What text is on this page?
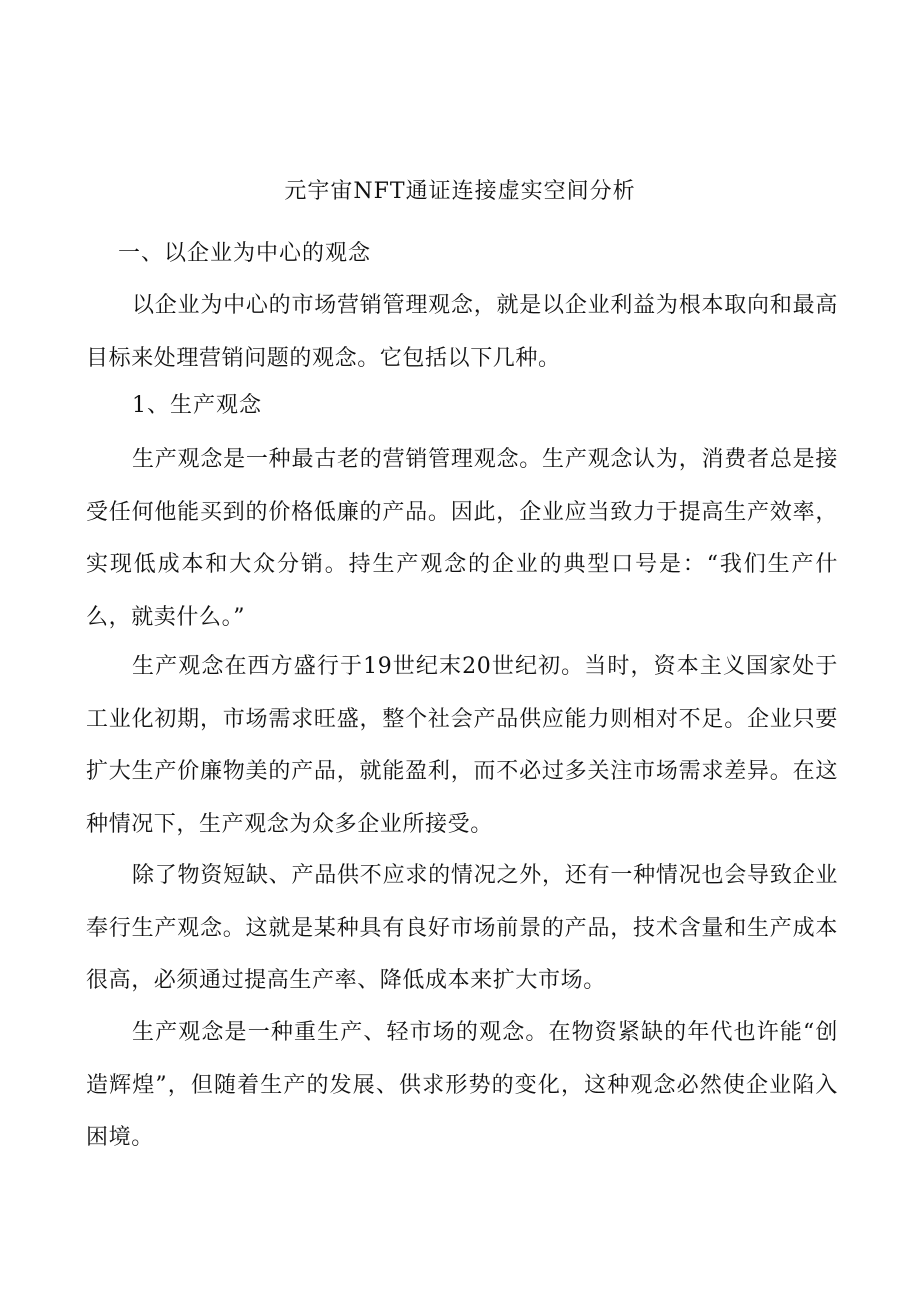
元宇宙NFT通证连接虚实空间分析
一、以企业为中心的观念

以企业为中心的市场营销管理观念，就是以企业利益为根本取向和最高目标来处理营销问题的观念。它包括以下几种。

1、生产观念

生产观念是一种最古老的营销管理观念。生产观念认为，消费者总是接受任何他能买到的价格低廉的产品。因此，企业应当致力于提高生产效率，实现低成本和大众分销。持生产观念的企业的典型口号是：“我们生产什么，就卖什么。”

生产观念在西方盛行于19世纪末20世纪初。当时，资本主义国家处于工业化初期，市场需求旺盛，整个社会产品供应能力则相对不足。企业只要扩大生产价廉物美的产品，就能盈利，而不必过多关注市场需求差异。在这种情况下，生产观念为众多企业所接受。

除了物资短缺、产品供不应求的情况之外，还有一种情况也会导致企业奉行生产观念。这就是某种具有良好市场前景的产品，技术含量和生产成本很高，必须通过提高生产率、降低成本来扩大市场。

生产观念是一种重生产、轻市场的观念。在物资紧缺的年代也许能“创造辉煌”，但随着生产的发展、供求形势的变化，这种观念必然使企业陷入困境。
